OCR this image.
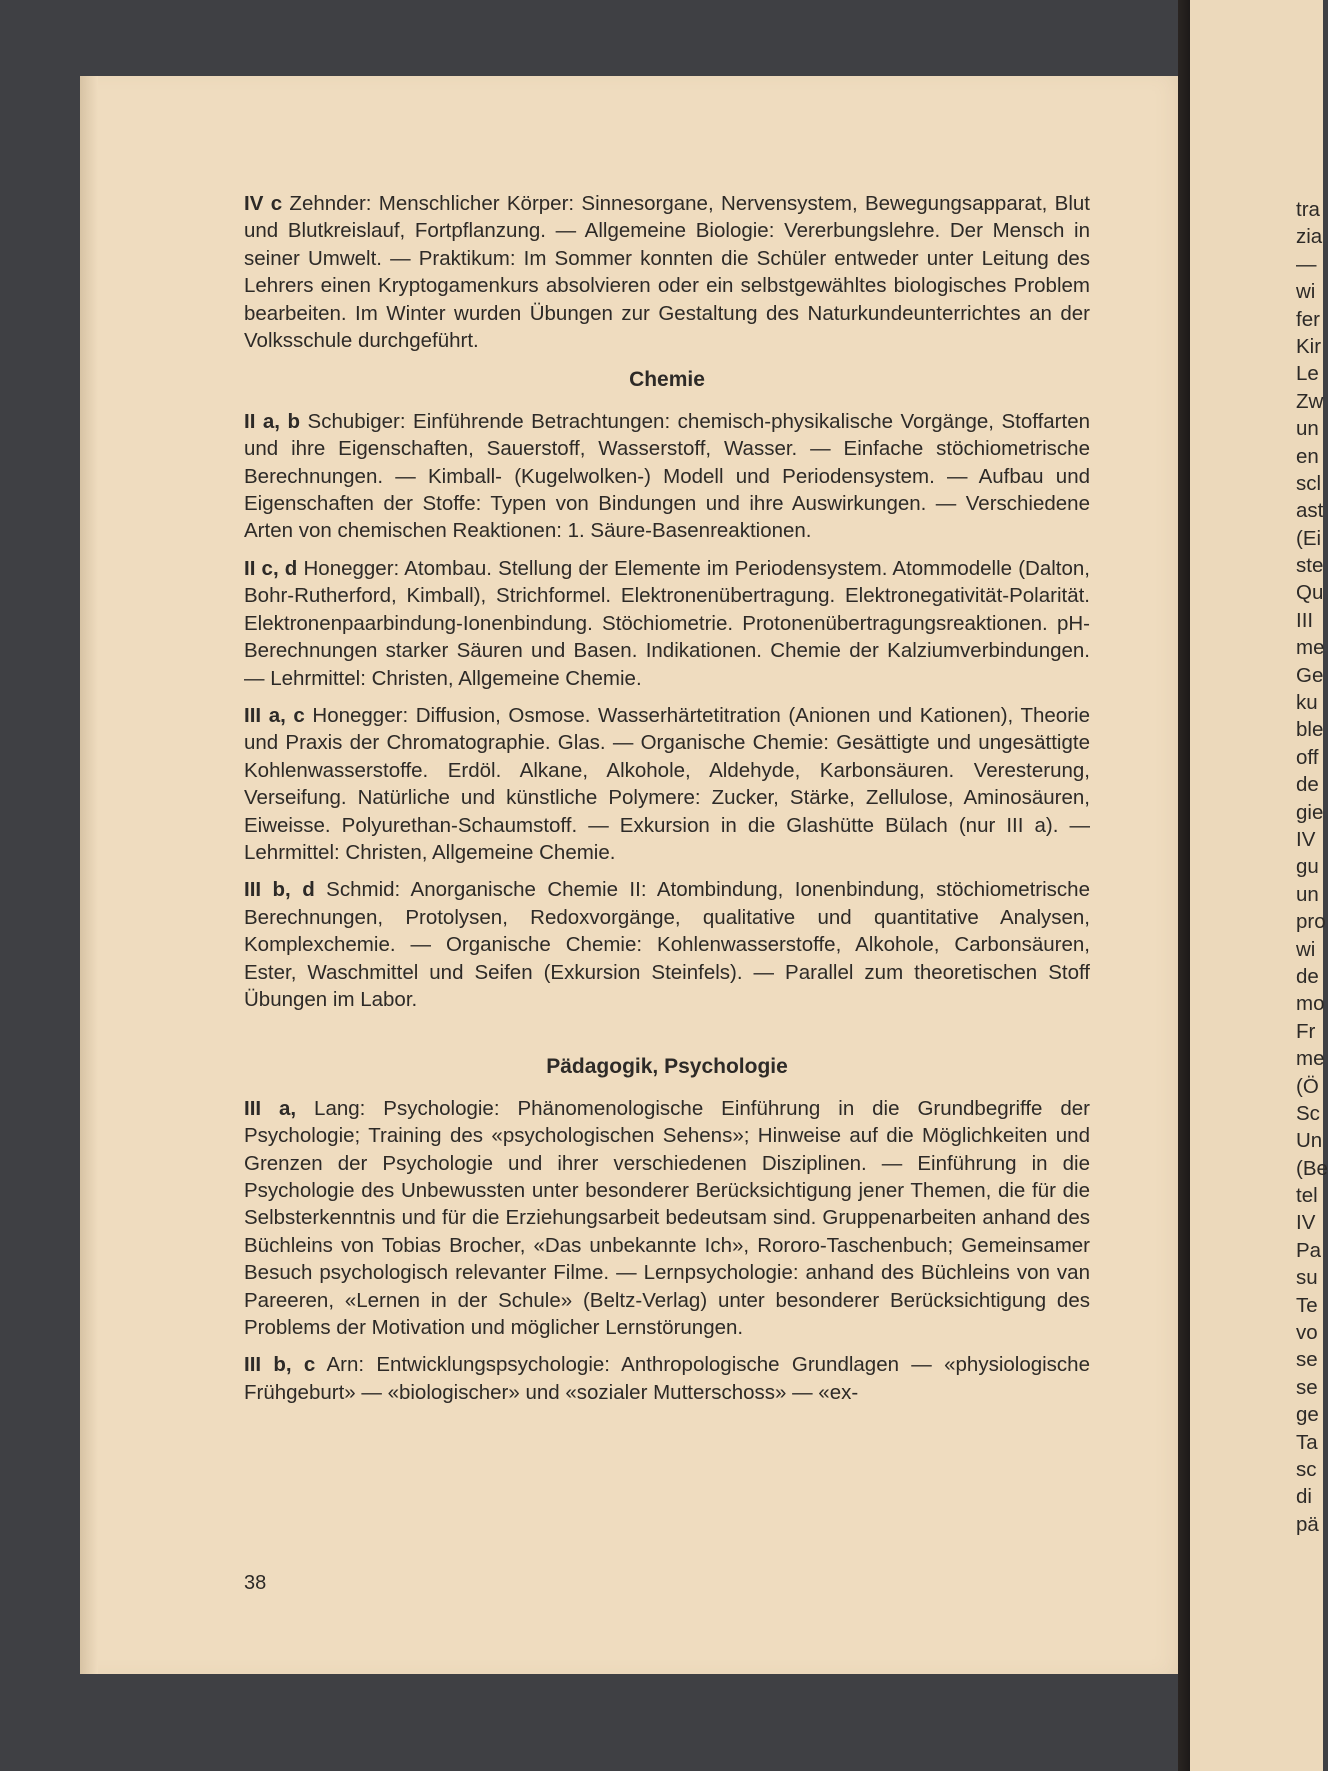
IV c Zehnder: Menschlicher Körper: Sinnesorgane, Nervensystem, Bewegungsapparat, Blut und Blutkreislauf, Fortpflanzung. — Allgemeine Biologie: Vererbungslehre. Der Mensch in seiner Umwelt. — Praktikum: Im Sommer konnten die Schüler entweder unter Leitung des Lehrers einen Kryptogamenkurs absolvieren oder ein selbstgewähltes biologisches Problem bearbeiten. Im Winter wurden Übungen zur Gestaltung des Naturkundeunterrichtes an der Volksschule durchgeführt.
Chemie
II a, b Schubiger: Einführende Betrachtungen: chemisch-physikalische Vorgänge, Stoffarten und ihre Eigenschaften, Sauerstoff, Wasserstoff, Wasser. — Einfache stöchiometrische Berechnungen. — Kimball- (Kugelwolken-) Modell und Periodensystem. — Aufbau und Eigenschaften der Stoffe: Typen von Bindungen und ihre Auswirkungen. — Verschiedene Arten von chemischen Reaktionen: 1. Säure-Basenreaktionen.
II c, d Honegger: Atombau. Stellung der Elemente im Periodensystem. Atommodelle (Dalton, Bohr-Rutherford, Kimball), Strichformel. Elektronenübertragung. Elektronegativität-Polarität. Elektronenpaarbindung-Ionenbindung. Stöchiometrie. Protonenübertragungsreaktionen. pH-Berechnungen starker Säuren und Basen. Indikationen. Chemie der Kalziumverbindungen. — Lehrmittel: Christen, Allgemeine Chemie.
III a, c Honegger: Diffusion, Osmose. Wasserhärtetitration (Anionen und Kationen), Theorie und Praxis der Chromatographie. Glas. — Organische Chemie: Gesättigte und ungesättigte Kohlenwasserstoffe. Erdöl. Alkane, Alkohole, Aldehyde, Karbonsäuren. Veresterung, Verseifung. Natürliche und künstliche Polymere: Zucker, Stärke, Zellulose, Aminosäuren, Eiweisse. Polyurethan-Schaumstoff. — Exkursion in die Glashütte Bülach (nur III a). — Lehrmittel: Christen, Allgemeine Chemie.
III b, d Schmid: Anorganische Chemie II: Atombindung, Ionenbindung, stöchiometrische Berechnungen, Protolysen, Redoxvorgänge, qualitative und quantitative Analysen, Komplexchemie. — Organische Chemie: Kohlenwasserstoffe, Alkohole, Carbonsäuren, Ester, Waschmittel und Seifen (Exkursion Steinfels). — Parallel zum theoretischen Stoff Übungen im Labor.
Pädagogik, Psychologie
III a, Lang: Psychologie: Phänomenologische Einführung in die Grundbegriffe der Psychologie; Training des «psychologischen Sehens»; Hinweise auf die Möglichkeiten und Grenzen der Psychologie und ihrer verschiedenen Disziplinen. — Einführung in die Psychologie des Unbewussten unter besonderer Berücksichtigung jener Themen, die für die Selbsterkenntnis und für die Erziehungsarbeit bedeutsam sind. Gruppenarbeiten anhand des Büchleins von Tobias Brocher, «Das unbekannte Ich», Rororo-Taschenbuch; Gemeinsamer Besuch psychologisch relevanter Filme. — Lernpsychologie: anhand des Büchleins von van Pareeren, «Lernen in der Schule» (Beltz-Verlag) unter besonderer Berücksichtigung des Problems der Motivation und möglicher Lernstörungen.
III b, c Arn: Entwicklungspsychologie: Anthropologische Grundlagen — «physiologische Frühgeburt» — «biologischer» und «sozialer Mutterschoss» — «ex-
38
tra
zia
—
wi
fer
Kir
Le
Zw
un
en
scl
ast
(Ei
ste
Qu
III
me
Ge
ku
ble
off
de
gie
IV
gu
un
pro
wi
de
mo
Fr
me
(Ö
Sc
Un
(Be
tel
IV
Pa
su
Te
vo
se
se
ge
Ta
sc
di
pä
